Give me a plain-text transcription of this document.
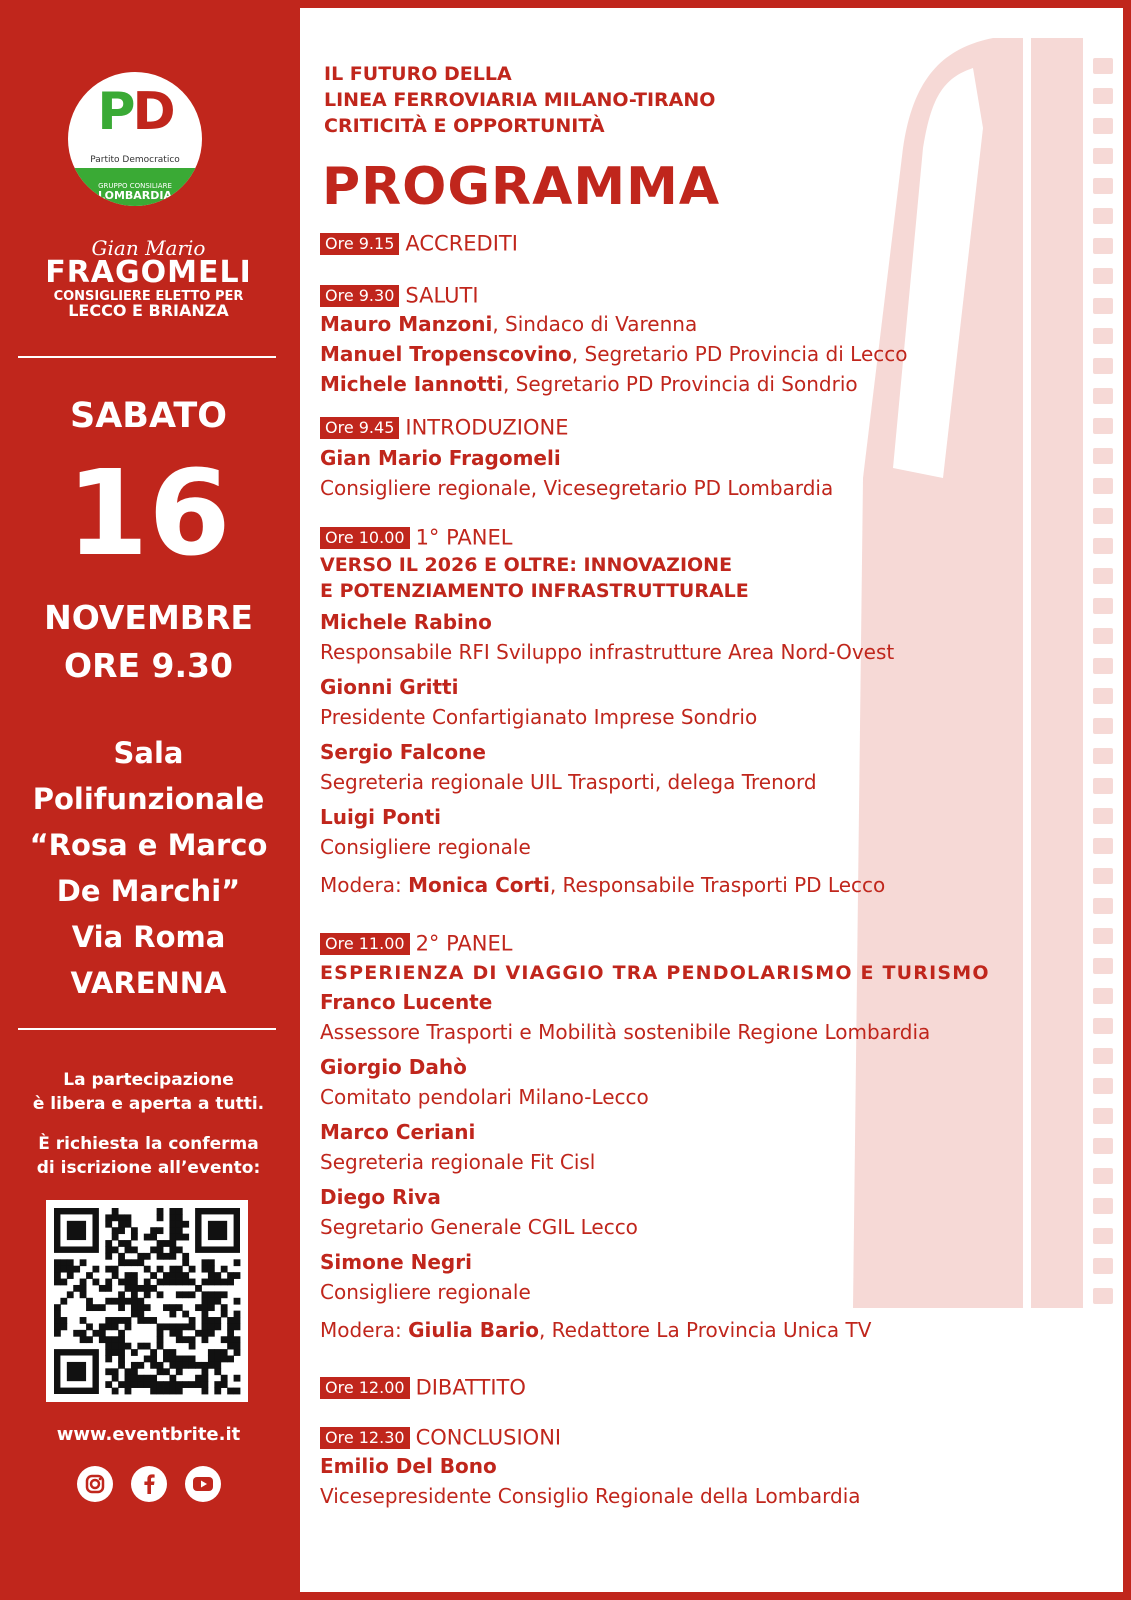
PD
Partito Democratico
GRUPPO CONSILIARE
LOMBARDIA
Gian Mario
FRAGOMELI
CONSIGLIERE ELETTO PER
LECCO E BRIANZA
SABATO
16
NOVEMBRE
ORE 9.30
Sala
Polifunzionale
“Rosa e Marco
De Marchi”
Via Roma
VARENNA
La partecipazione
è libera e aperta a tutti.
È richiesta la conferma
di iscrizione all’evento:
www.eventbrite.it
IL FUTURO DELLA
LINEA FERROVIARIA MILANO-TIRANO
CRITICITÀ E OPPORTUNITÀ
PROGRAMMA
Ore 9.15 ACCREDITI
Ore 9.30 SALUTI
Mauro Manzoni, Sindaco di Varenna
Manuel Tropenscovino, Segretario PD Provincia di Lecco
Michele Iannotti, Segretario PD Provincia di Sondrio
Ore 9.45 INTRODUZIONE
Gian Mario Fragomeli
Consigliere regionale, Vicesegretario PD Lombardia
Ore 10.00 1° PANEL
VERSO IL 2026 E OLTRE: INNOVAZIONE
E POTENZIAMENTO INFRASTRUTTURALE
Michele Rabino
Responsabile RFI Sviluppo infrastrutture Area Nord-Ovest
Gionni Gritti
Presidente Confartigianato Imprese Sondrio
Sergio Falcone
Segreteria regionale UIL Trasporti, delega Trenord
Luigi Ponti
Consigliere regionale
Modera: Monica Corti, Responsabile Trasporti PD Lecco
Ore 11.00 2° PANEL
ESPERIENZA DI VIAGGIO TRA PENDOLARISMO E TURISMO
Franco Lucente
Assessore Trasporti e Mobilità sostenibile Regione Lombardia
Giorgio Dahò
Comitato pendolari Milano-Lecco
Marco Ceriani
Segreteria regionale Fit Cisl
Diego Riva
Segretario Generale CGIL Lecco
Simone Negri
Consigliere regionale
Modera: Giulia Bario, Redattore La Provincia Unica TV
Ore 12.00 DIBATTITO
Ore 12.30 CONCLUSIONI
Emilio Del Bono
Vicesepresidente Consiglio Regionale della Lombardia
